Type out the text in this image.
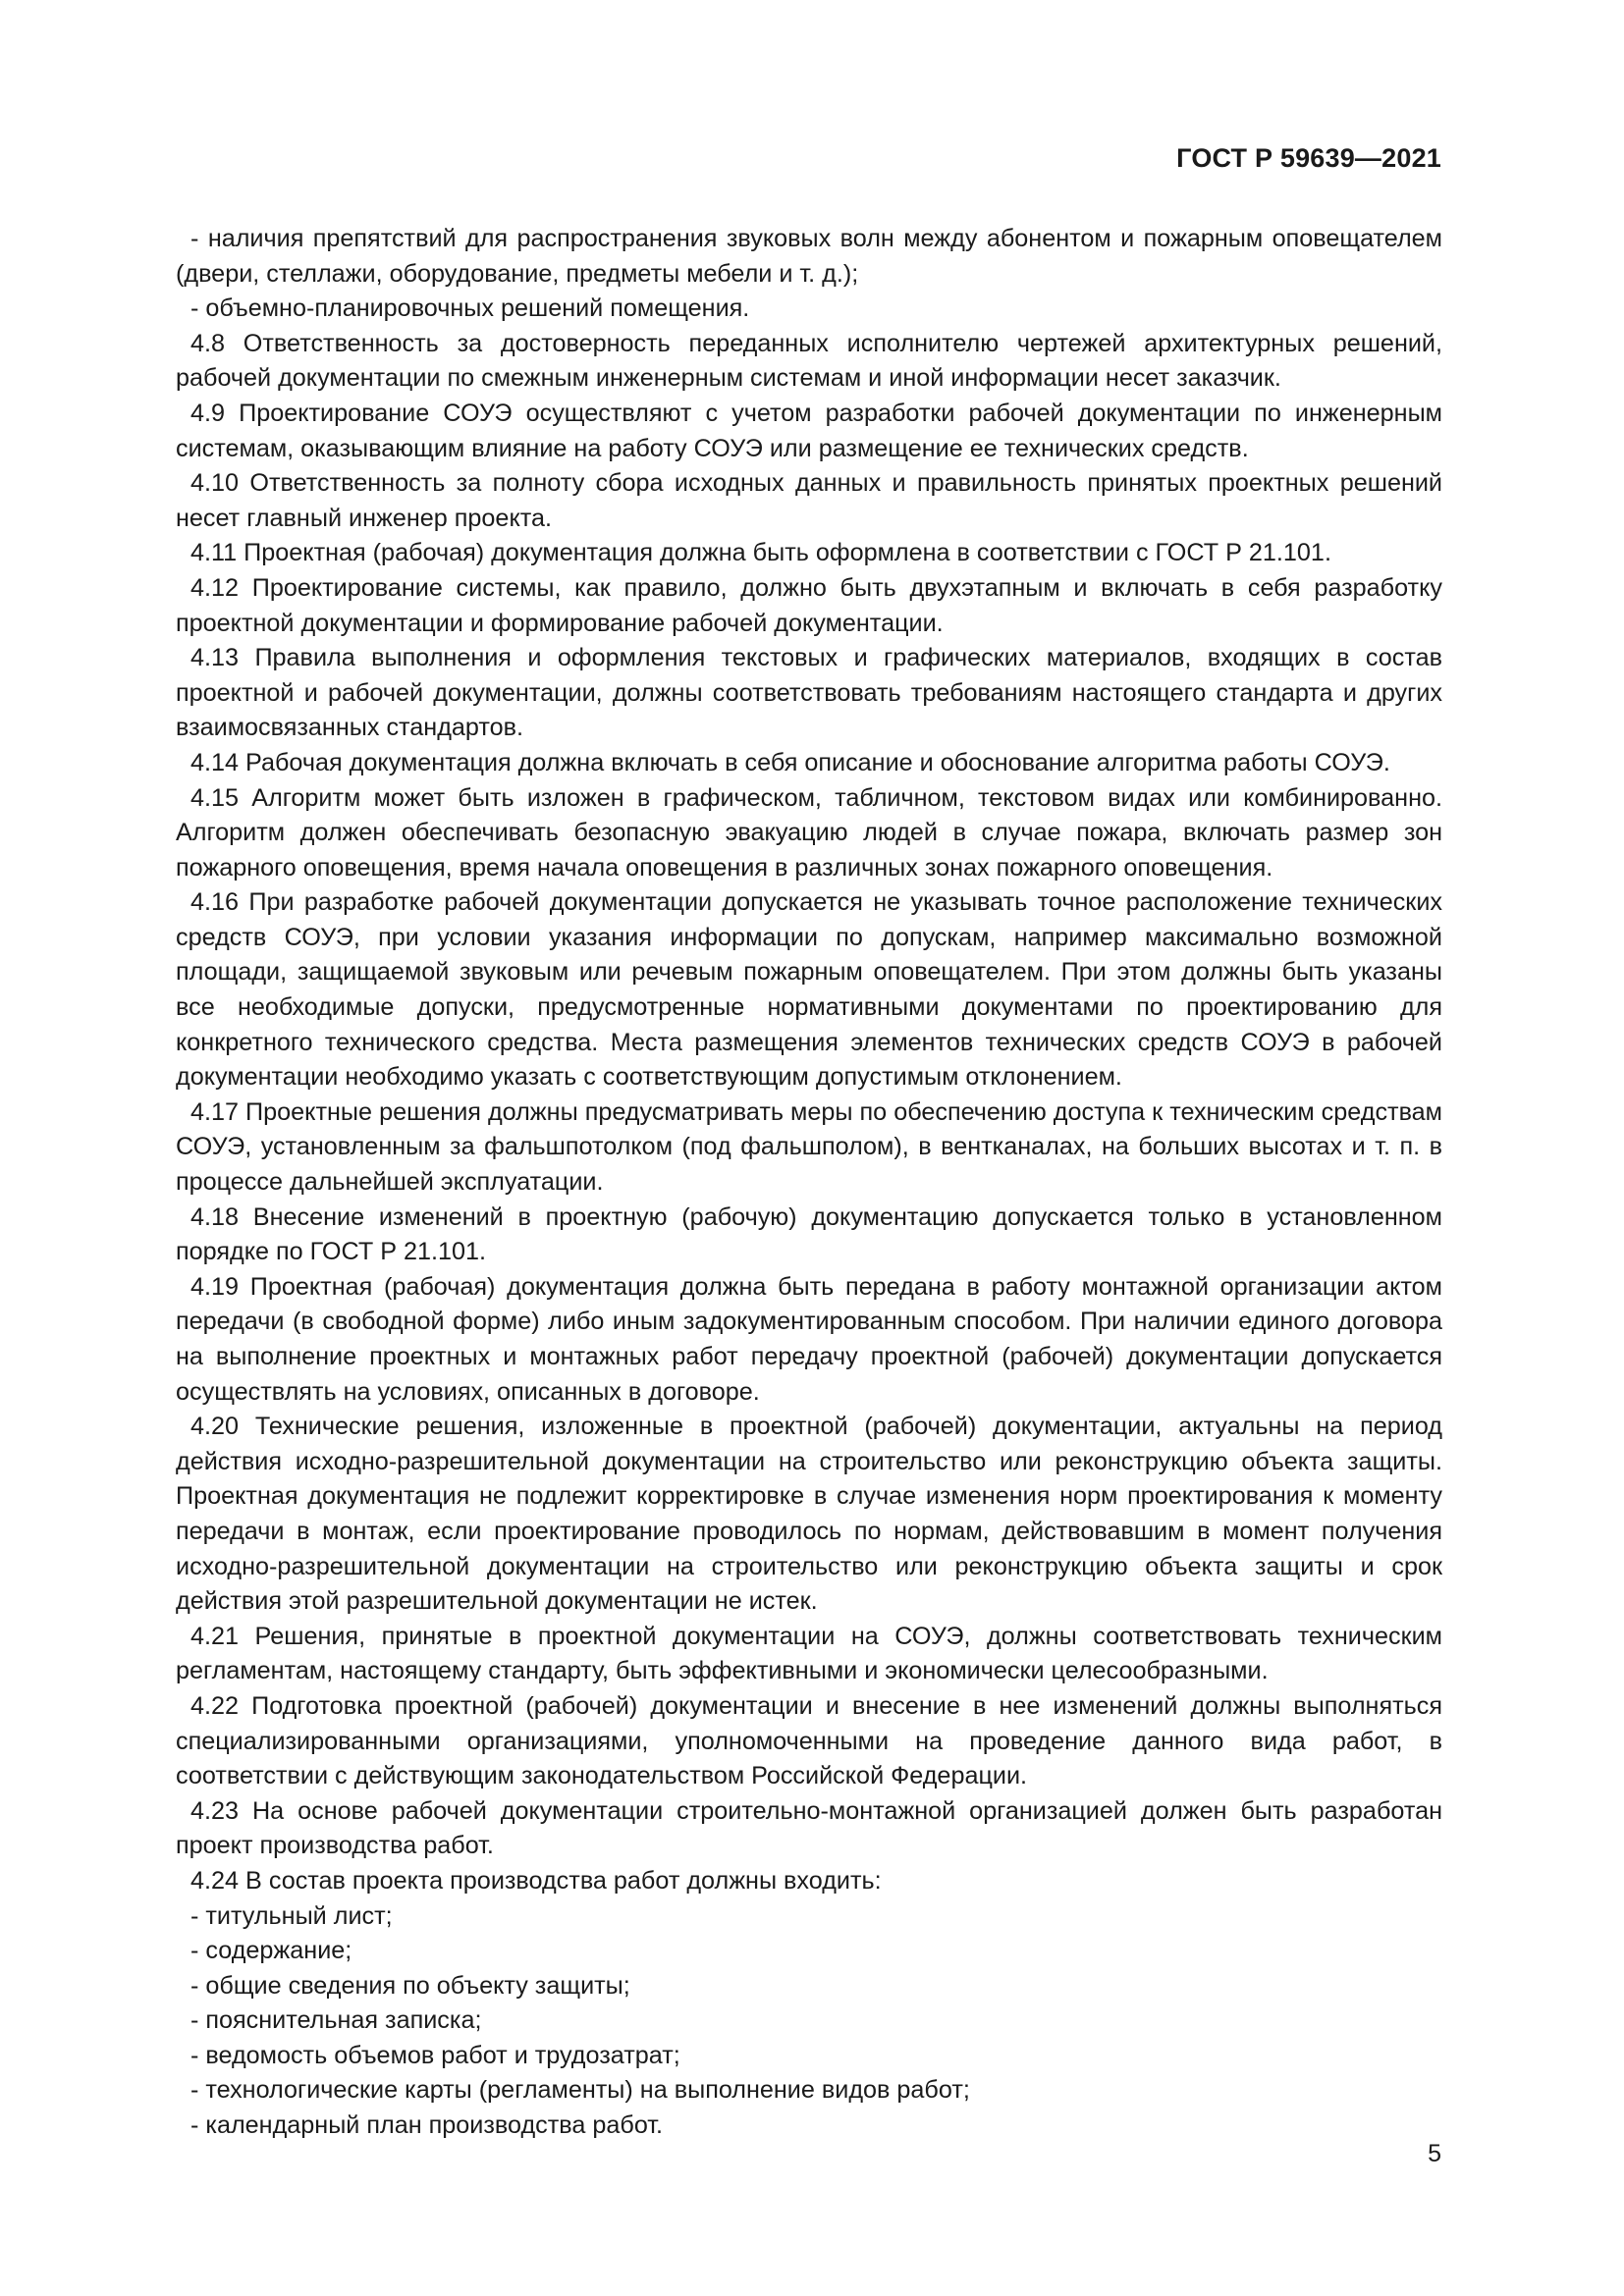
ГОСТ Р 59639—2021

- наличия препятствий для распространения звуковых волн между абонентом и пожарным оповещателем (двери, стеллажи, оборудование, предметы мебели и т. д.);

- объемно-планировочных решений помещения.

4.8 Ответственность за достоверность переданных исполнителю чертежей архитектурных решений, рабочей документации по смежным инженерным системам и иной информации несет заказчик.

4.9 Проектирование СОУЭ осуществляют с учетом разработки рабочей документации по инженерным системам, оказывающим влияние на работу СОУЭ или размещение ее технических средств.

4.10 Ответственность за полноту сбора исходных данных и правильность принятых проектных решений несет главный инженер проекта.

4.11 Проектная (рабочая) документация должна быть оформлена в соответствии с ГОСТ Р 21.101.

4.12 Проектирование системы, как правило, должно быть двухэтапным и включать в себя разработку проектной документации и формирование рабочей документации.

4.13 Правила выполнения и оформления текстовых и графических материалов, входящих в состав проектной и рабочей документации, должны соответствовать требованиям настоящего стандарта и других взаимосвязанных стандартов.

4.14 Рабочая документация должна включать в себя описание и обоснование алгоритма работы СОУЭ.

4.15 Алгоритм может быть изложен в графическом, табличном, текстовом видах или комбинированно. Алгоритм должен обеспечивать безопасную эвакуацию людей в случае пожара, включать размер зон пожарного оповещения, время начала оповещения в различных зонах пожарного оповещения.

4.16 При разработке рабочей документации допускается не указывать точное расположение технических средств СОУЭ, при условии указания информации по допускам, например максимально возможной площади, защищаемой звуковым или речевым пожарным оповещателем. При этом должны быть указаны все необходимые допуски, предусмотренные нормативными документами по проектированию для конкретного технического средства. Места размещения элементов технических средств СОУЭ в рабочей документации необходимо указать с соответствующим допустимым отклонением.

4.17 Проектные решения должны предусматривать меры по обеспечению доступа к техническим средствам СОУЭ, установленным за фальшпотолком (под фальшполом), в вентканалах, на больших высотах и т. п. в процессе дальнейшей эксплуатации.

4.18 Внесение изменений в проектную (рабочую) документацию допускается только в установленном порядке по ГОСТ Р 21.101.

4.19 Проектная (рабочая) документация должна быть передана в работу монтажной организации актом передачи (в свободной форме) либо иным задокументированным способом. При наличии единого договора на выполнение проектных и монтажных работ передачу проектной (рабочей) документации допускается осуществлять на условиях, описанных в договоре.

4.20 Технические решения, изложенные в проектной (рабочей) документации, актуальны на период действия исходно-разрешительной документации на строительство или реконструкцию объекта защиты. Проектная документация не подлежит корректировке в случае изменения норм проектирования к моменту передачи в монтаж, если проектирование проводилось по нормам, действовавшим в момент получения исходно-разрешительной документации на строительство или реконструкцию объекта защиты и срок действия этой разрешительной документации не истек.

4.21 Решения, принятые в проектной документации на СОУЭ, должны соответствовать техническим регламентам, настоящему стандарту, быть эффективными и экономически целесообразными.

4.22 Подготовка проектной (рабочей) документации и внесение в нее изменений должны выполняться специализированными организациями, уполномоченными на проведение данного вида работ, в соответствии с действующим законодательством Российской Федерации.

4.23 На основе рабочей документации строительно-монтажной организацией должен быть разработан проект производства работ.

4.24 В состав проекта производства работ должны входить:

- титульный лист;

- содержание;

- общие сведения по объекту защиты;

- пояснительная записка;

- ведомость объемов работ и трудозатрат;

- технологические карты (регламенты) на выполнение видов работ;

- календарный план производства работ.

5
